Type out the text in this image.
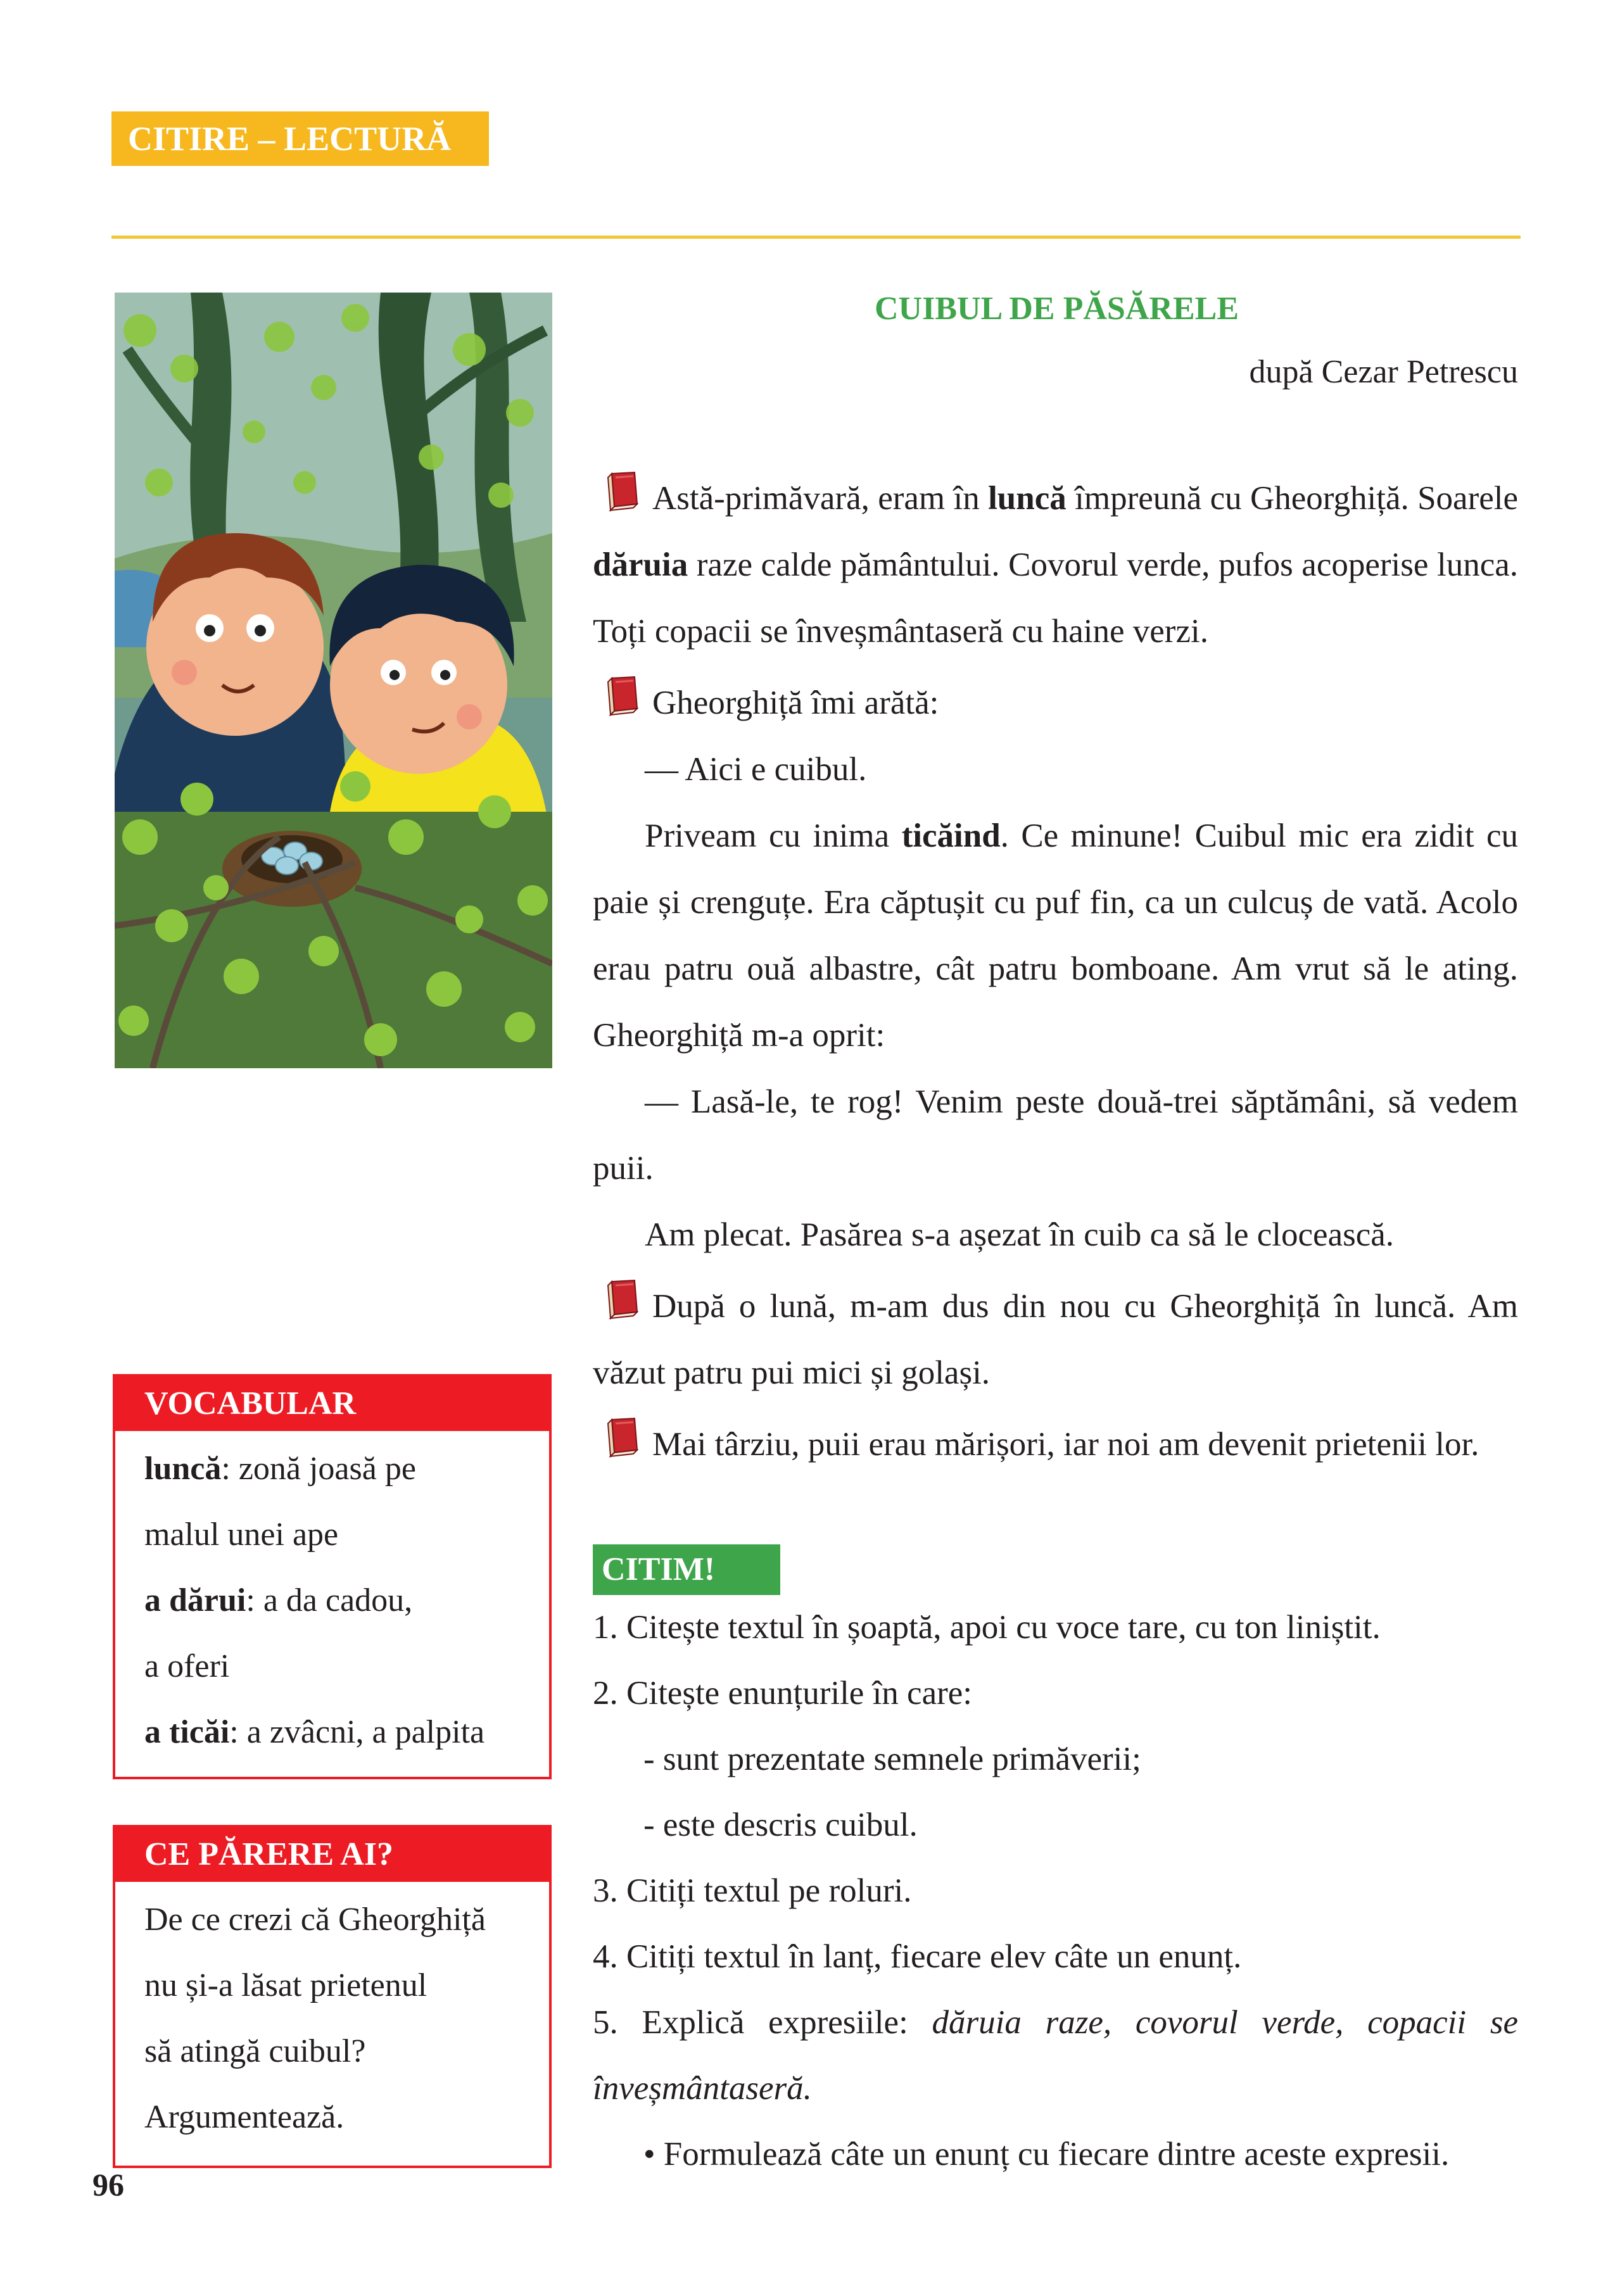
CITIRE – LECTURĂ
CUIBUL DE PĂSĂRELE
după Cezar Petrescu

Astă-primăvară, eram în luncă împreună cu Gheorghiță. Soarele dăruia raze calde pământului. Covorul verde, pufos acoperise lunca. Toți copacii se înveșmântaseră cu haine verzi.

Gheorghiță îmi arătă:

— Aici e cuibul.

Priveam cu inima ticăind. Ce minune! Cuibul mic era zidit cu paie și crenguțe. Era căptușit cu puf fin, ca un culcuș de vată. Acolo erau patru ouă albastre, cât patru bomboane. Am vrut să le ating. Gheorghiță m-a oprit:

— Lasă-le, te rog! Venim peste două-trei săptămâni, să vedem puii.

Am plecat. Pasărea s-a așezat în cuib ca să le clocească.

După o lună, m-am dus din nou cu Gheorghiță în luncă. Am văzut patru pui mici și golași.

Mai târziu, puii erau mărișori, iar noi am devenit prietenii lor.

VOCABULAR
luncă: zonă joasă pe
malul unei ape
a dărui: a da cadou,
a oferi
a ticăi: a zvâcni, a palpita
CE PĂRERE AI?
De ce crezi că Gheorghiță
nu și-a lăsat prietenul
să atingă cuibul?
Argumentează.
CITIM!
1. Citește textul în șoaptă, apoi cu voce tare, cu ton liniștit.
2. Citește enunțurile în care:
- sunt prezentate semnele primăverii;
- este descris cuibul.
3. Citiți textul pe roluri.
4. Citiți textul în lanț, fiecare elev câte un enunț.
5. Explică expresiile: dăruia raze, covorul verde, copacii se
înveșmântaseră.
• Formulează câte un enunț cu fiecare dintre aceste expresii.
96
